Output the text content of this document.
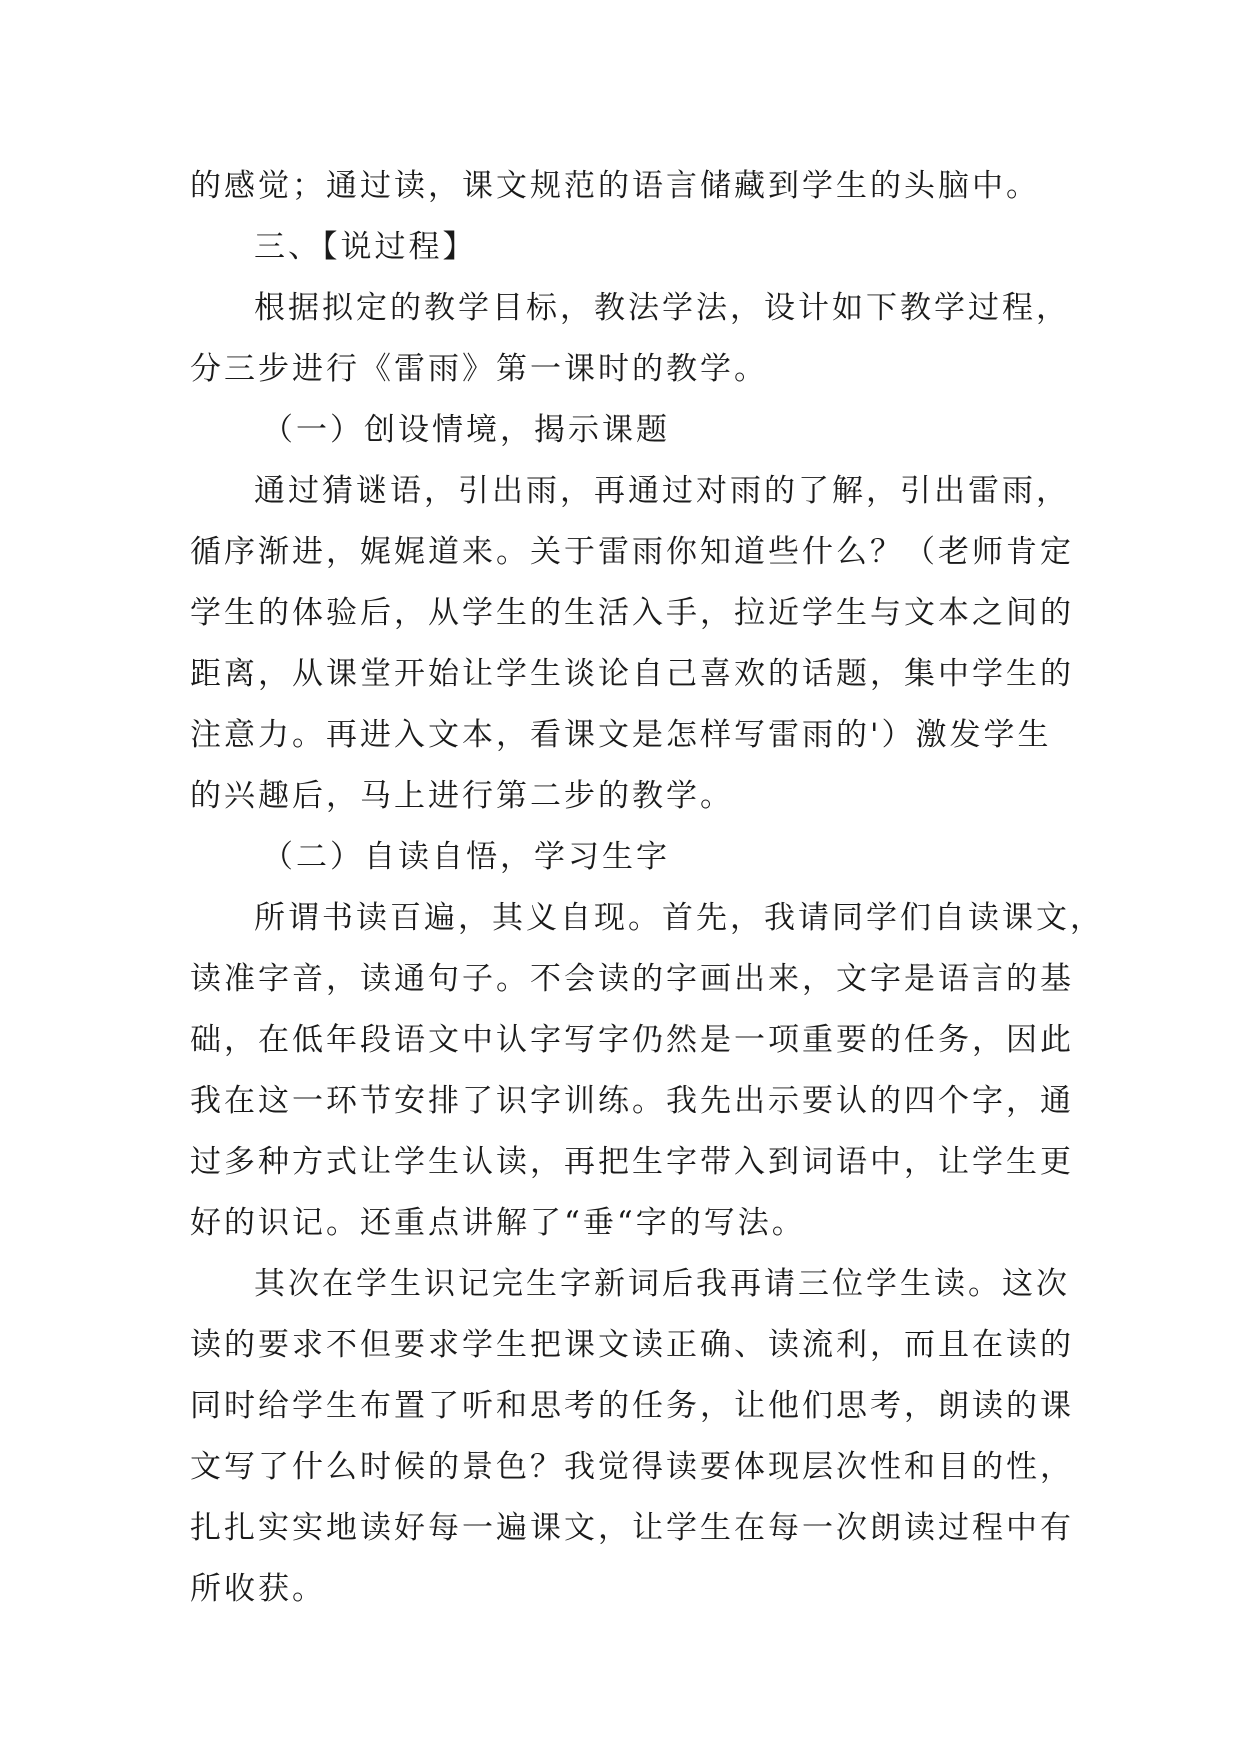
的感觉；通过读，课文规范的语言储藏到学生的头脑中。
三、【说过程】
根据拟定的教学目标，教法学法，设计如下教学过程，
分三步进行《雷雨》第一课时的教学。
（一）创设情境，揭示课题
通过猜谜语，引出雨，再通过对雨的了解，引出雷雨，
循序渐进，娓娓道来。关于雷雨你知道些什么？（老师肯定
学生的体验后，从学生的生活入手，拉近学生与文本之间的
距离，从课堂开始让学生谈论自己喜欢的话题，集中学生的
注意力。再进入文本，看课文是怎样写雷雨的'）激发学生
的兴趣后，马上进行第二步的教学。
（二）自读自悟，学习生字
所谓书读百遍，其义自现。首先，我请同学们自读课文，
读准字音，读通句子。不会读的字画出来，文字是语言的基
础，在低年段语文中认字写字仍然是一项重要的任务，因此
我在这一环节安排了识字训练。我先出示要认的四个字，通
过多种方式让学生认读，再把生字带入到词语中，让学生更
好的识记。还重点讲解了“垂“字的写法。
其次在学生识记完生字新词后我再请三位学生读。这次
读的要求不但要求学生把课文读正确、读流利，而且在读的
同时给学生布置了听和思考的任务，让他们思考，朗读的课
文写了什么时候的景色？我觉得读要体现层次性和目的性，
扎扎实实地读好每一遍课文，让学生在每一次朗读过程中有
所收获。
